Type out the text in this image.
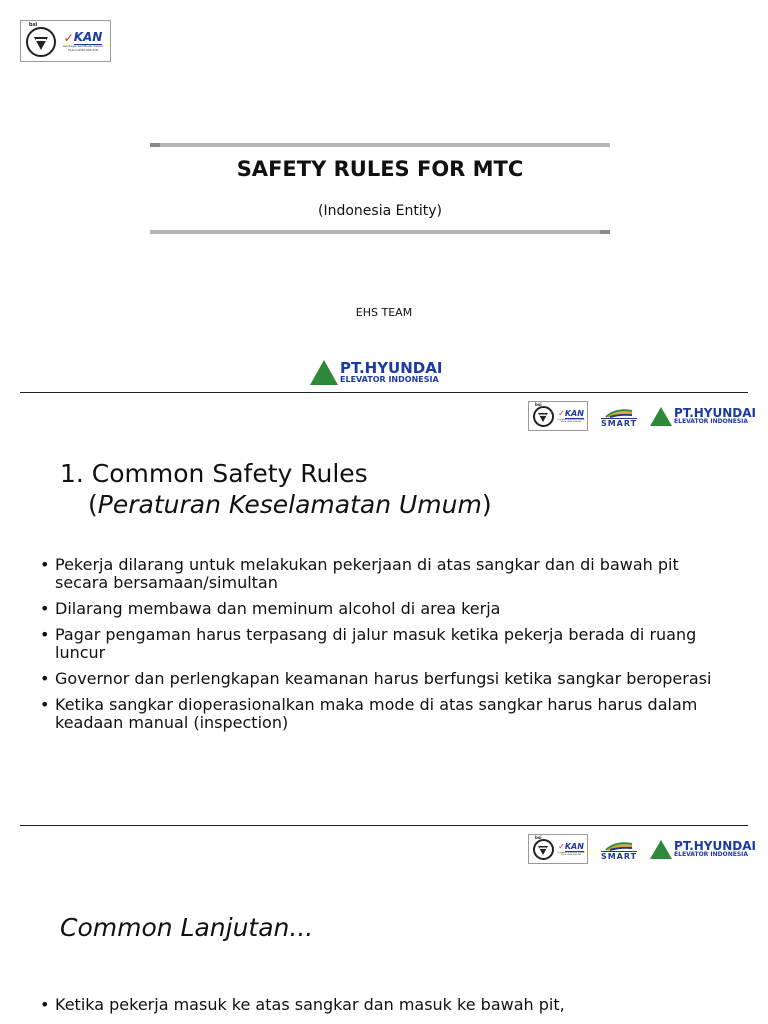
bsi
✓ KAN
Lembaga Sertifikasi Sistem Mutu LSSM-004-IDN
SAFETY RULES FOR MTC
(Indonesia Entity)
EHS TEAM
PT.HYUNDAI
ELEVATOR INDONESIA
bsi
✓ KAN
Lembaga Sertifikasi Sistem Mutu LSSM-004-IDN	SMART
PT.HYUNDAI
ELEVATOR INDONESIA
1. Common Safety Rules
(Peraturan Keselamatan Umum)
• Pekerja dilarang untuk melakukan pekerjaan di atas sangkar dan di bawah pit secara bersamaan/simultan
• Dilarang membawa dan meminum alcohol di area kerja
• Pagar pengaman harus terpasang di jalur masuk ketika pekerja berada di ruang luncur
• Governor dan perlengkapan keamanan harus berfungsi ketika sangkar beroperasi
• Ketika sangkar dioperasionalkan maka mode di atas sangkar harus harus dalam keadaan manual (inspection)
bsi
✓ KAN
Lembaga Sertifikasi Sistem Mutu LSSM-004-IDN	SMART
PT.HYUNDAI
ELEVATOR INDONESIA
Common Lanjutan...
• Ketika pekerja masuk ke atas sangkar dan masuk ke bawah pit,
